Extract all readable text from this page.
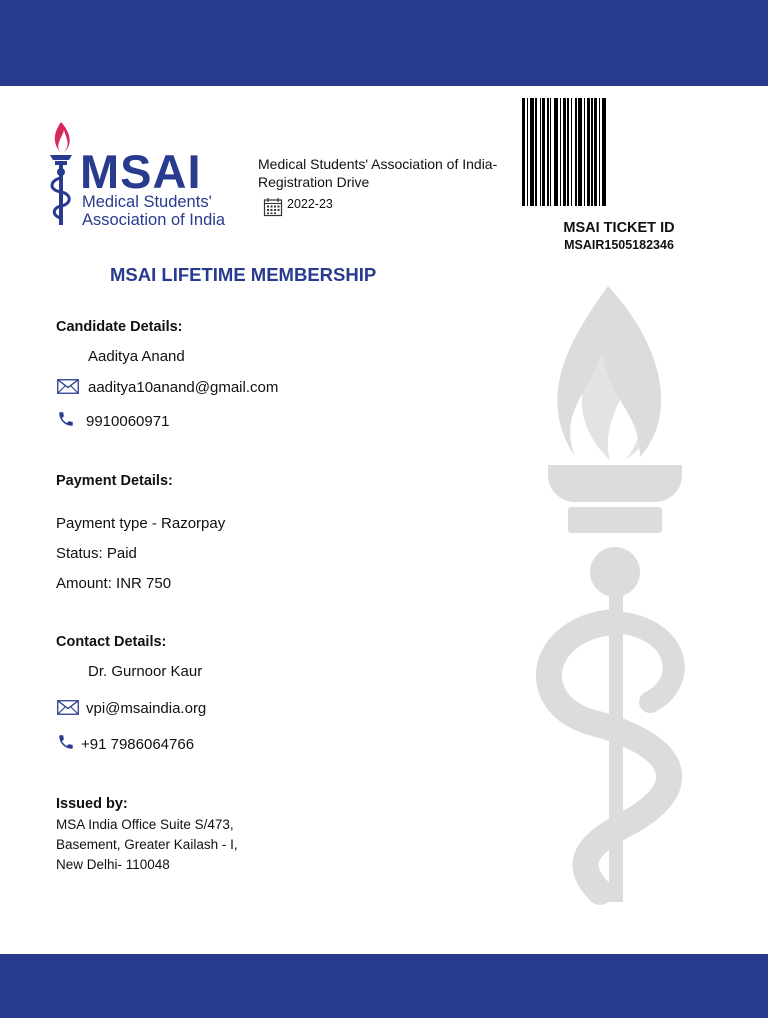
MSAI
Medical Students'
Association of India
Medical Students' Association of India-
Registration Drive
2022-23
MSAI TICKET ID
MSAIR1505182346
MSAI LIFETIME MEMBERSHIP
Candidate Details:
Aaditya Anand
aaditya10anand@gmail.com
9910060971
Payment Details:
Payment type - Razorpay
Status: Paid
Amount: INR 750
Contact Details:
Dr. Gurnoor Kaur
vpi@msaindia.org
+91 7986064766
Issued by:
MSA India Office Suite S/473,
Basement, Greater Kailash - I,
New Delhi- 110048
